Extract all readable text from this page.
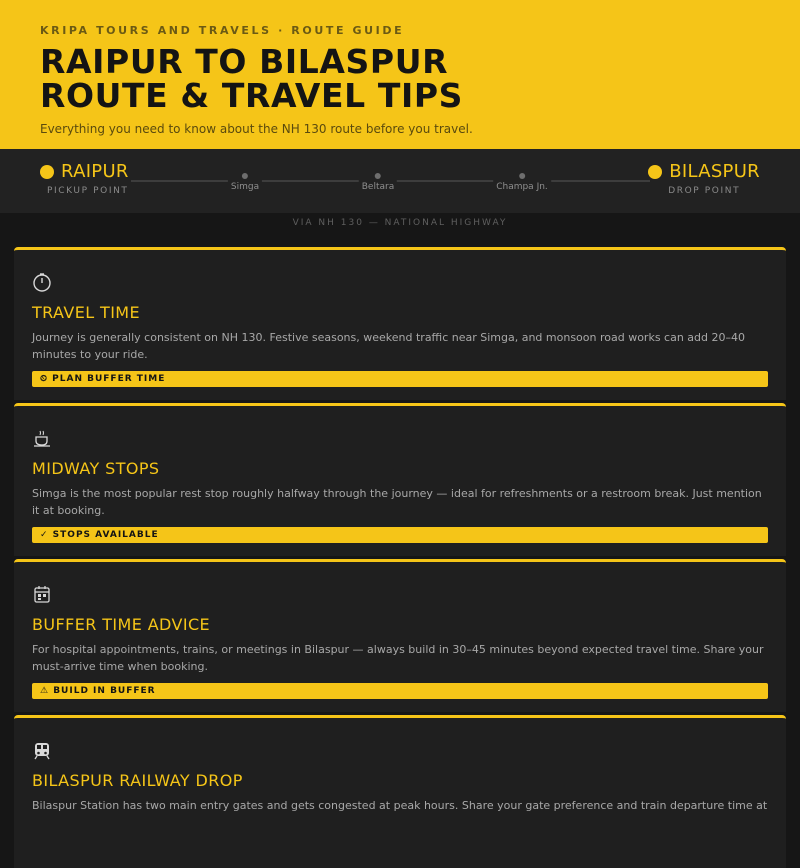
KRIPA TOURS AND TRAVELS · ROUTE GUIDE
RAIPUR TO BILASPUR
ROUTE & TRAVEL TIPS
Everything you need to know about the NH 130 route before you travel.
RAIPUR
PICKUP POINT	Simga	Beltara	Champa Jn.
BILASPUR
DROP POINT
VIA NH 130 — NATIONAL HIGHWAY
TRAVEL TIME
Journey is generally consistent on NH 130. Festive seasons, weekend traffic near Simga, and monsoon road works can add 20–40 minutes to your ride.
⏲ PLAN BUFFER TIME
MIDWAY STOPS
Simga is the most popular rest stop roughly halfway through the journey — ideal for refreshments or a restroom break. Just mention it at booking.
✓ STOPS AVAILABLE
BUFFER TIME ADVICE
For hospital appointments, trains, or meetings in Bilaspur — always build in 30–45 minutes beyond expected travel time. Share your must-arrive time when booking.
⚠ BUILD IN BUFFER
BILASPUR RAILWAY DROP
Bilaspur Station has two main entry gates and gets congested at peak hours. Share your gate preference and train departure time at
